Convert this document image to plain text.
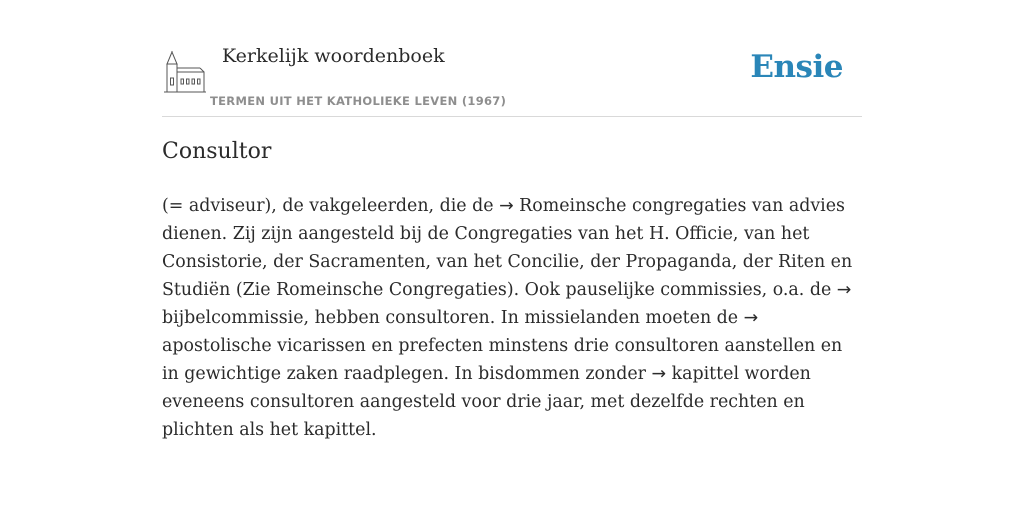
Kerkelijk woordenboek
TERMEN UIT HET KATHOLIEKE LEVEN (1967)
Ensie
Consultor

(= adviseur), de vakgeleerden, die de → Romeinsche congregaties van advies dienen. Zij zijn aangesteld bij de Congregaties van het H. Officie, van het Consistorie, der Sacramenten, van het Concilie, der Propaganda, der Riten en Studiën (Zie Romeinsche Congregaties). Ook pauselijke commissies, o.a. de → bijbelcommissie, hebben consultoren. In missielanden moeten de → apostolische vicarissen en prefecten minstens drie consultoren aanstellen en in gewichtige zaken raadplegen. In bisdommen zonder → kapittel worden eveneens consultoren aangesteld voor drie jaar, met dezelfde rechten en plichten als het kapittel.
